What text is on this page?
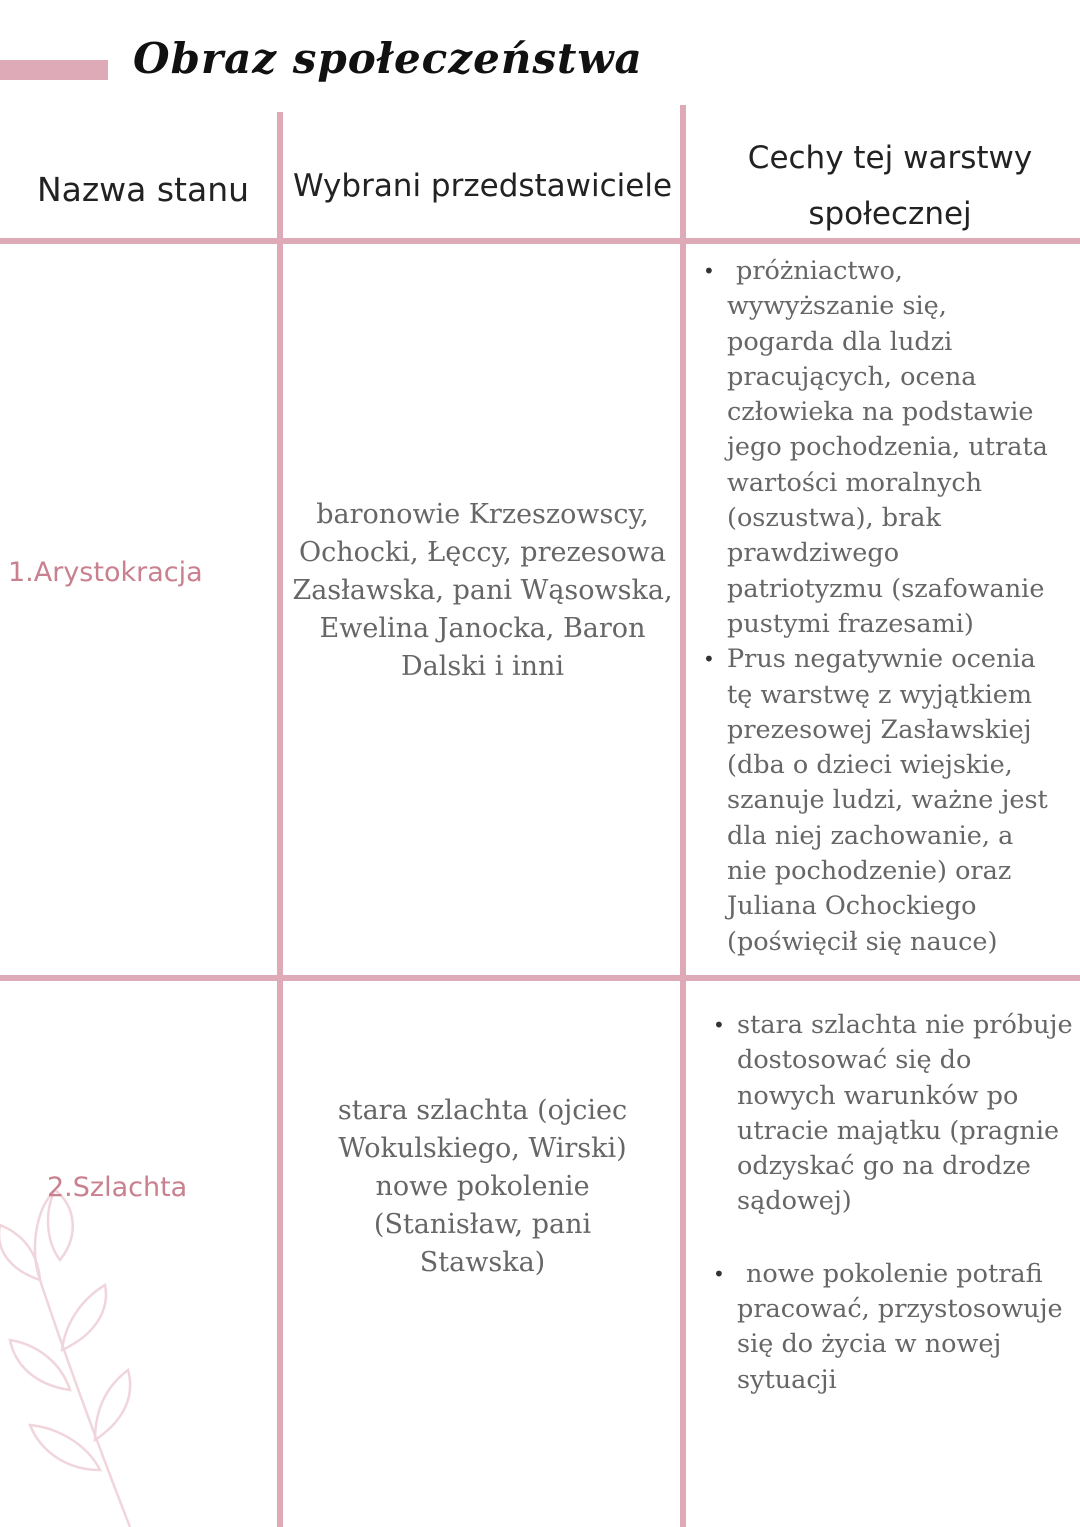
Obraz społeczeństwa
Nazwa stanu	Wybrani przedstawiciele
Cechy tej warstwy
społecznej
1.Arystokracja
baronowie Krzeszowscy,
Ochocki, Łęccy, prezesowa
Zasławska, pani Wąsowska,
Ewelina Janocka, Baron
Dalski i inni
• próżniactwo,
wywyższanie się,
pogarda dla ludzi
pracujących, ocena
człowieka na podstawie
jego pochodzenia, utrata
wartości moralnych
(oszustwa), brak
prawdziwego
patriotyzmu (szafowanie
pustymi frazesami)
• Prus negatywnie ocenia
tę warstwę z wyjątkiem
prezesowej Zasławskiej
(dba o dzieci wiejskie,
szanuje ludzi, ważne jest
dla niej zachowanie, a
nie pochodzenie) oraz
Juliana Ochockiego
(poświęcił się nauce)
2.Szlachta
stara szlachta (ojciec
Wokulskiego, Wirski)
nowe pokolenie
(Stanisław, pani
Stawska)
• stara szlachta nie próbuje
dostosować się do
nowych warunków po
utracie majątku (pragnie
odzyskać go na drodze
sądowej)
• nowe pokolenie potrafi
pracować, przystosowuje
się do życia w nowej
sytuacji
